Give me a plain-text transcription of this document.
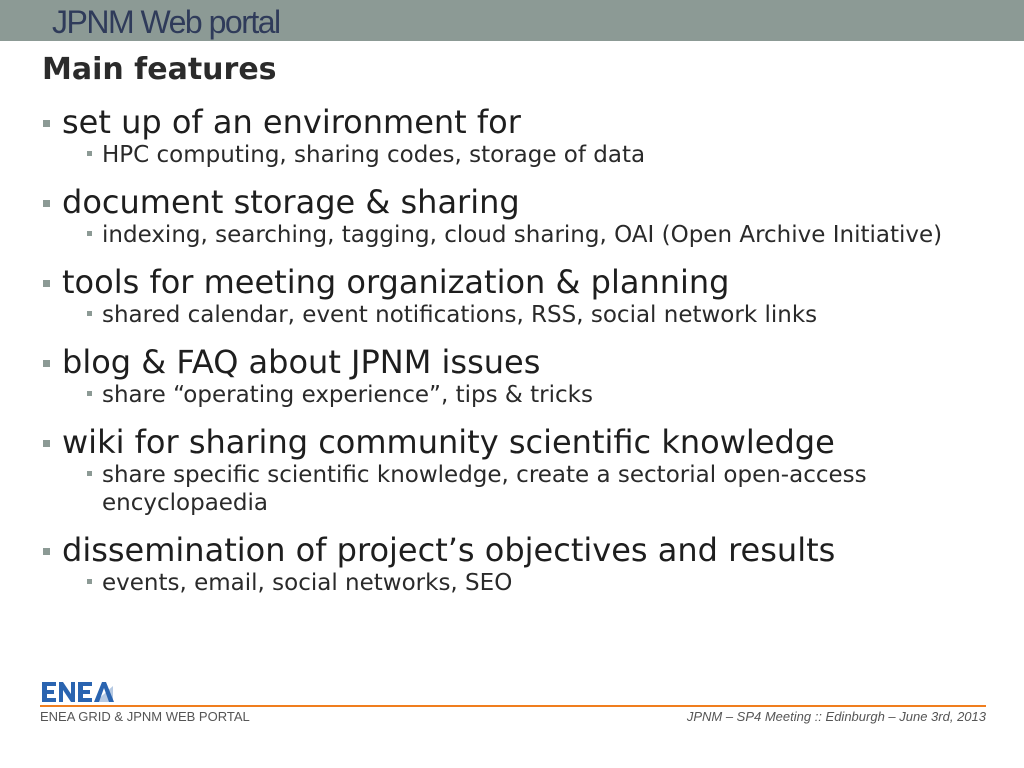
JPNM Web portal
Main features
set up of an environment for
HPC computing, sharing codes, storage of data
document storage & sharing
indexing, searching, tagging, cloud sharing, OAI (Open Archive Initiative)
tools for meeting organization & planning
shared calendar, event notifications, RSS, social network links
blog & FAQ about JPNM issues
share “operating experience”, tips & tricks
wiki for sharing community scientific knowledge
share specific scientific knowledge, create a sectorial open-access encyclopaedia
dissemination of project’s objectives and results
events, email, social networks, SEO
ENEA GRID & JPNM WEB PORTAL	JPNM – SP4 Meeting :: Edinburgh – June 3rd, 2013
